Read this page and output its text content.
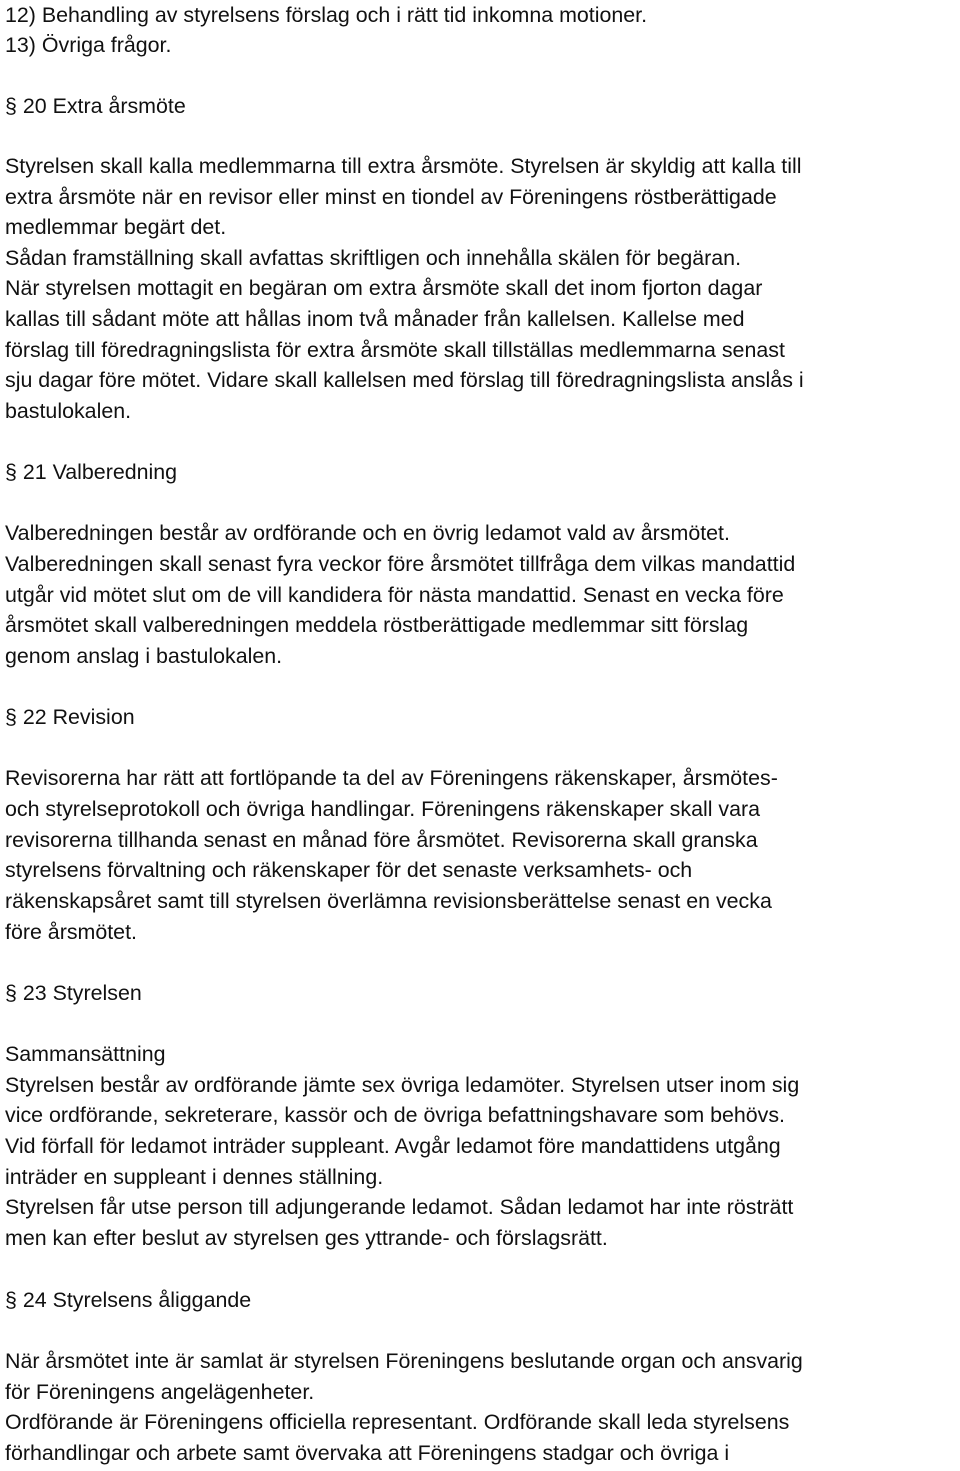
12) Behandling av styrelsens förslag och i rätt tid inkomna motioner.
13) Övriga frågor.
§ 20 Extra årsmöte
Styrelsen skall kalla medlemmarna till extra årsmöte. Styrelsen är skyldig att kalla till
extra årsmöte när en revisor eller minst en tiondel av Föreningens röstberättigade
medlemmar begärt det.
Sådan framställning skall avfattas skriftligen och innehålla skälen för begäran.
När styrelsen mottagit en begäran om extra årsmöte skall det inom fjorton dagar
kallas till sådant möte att hållas inom två månader från kallelsen. Kallelse med
förslag till föredragningslista för extra årsmöte skall tillställas medlemmarna senast
sju dagar före mötet. Vidare skall kallelsen med förslag till föredragningslista anslås i
bastulokalen.
§ 21 Valberedning
Valberedningen består av ordförande och en övrig ledamot vald av årsmötet.
Valberedningen skall senast fyra veckor före årsmötet tillfråga dem vilkas mandattid
utgår vid mötet slut om de vill kandidera för nästa mandattid. Senast en vecka före
årsmötet skall valberedningen meddela röstberättigade medlemmar sitt förslag
genom anslag i bastulokalen.
§ 22 Revision
Revisorerna har rätt att fortlöpande ta del av Föreningens räkenskaper, årsmötes-
och styrelseprotokoll och övriga handlingar. Föreningens räkenskaper skall vara
revisorerna tillhanda senast en månad före årsmötet. Revisorerna skall granska
styrelsens förvaltning och räkenskaper för det senaste verksamhets- och
räkenskapsåret samt till styrelsen överlämna revisionsberättelse senast en vecka
före årsmötet.
§ 23 Styrelsen
Sammansättning
Styrelsen består av ordförande jämte sex övriga ledamöter. Styrelsen utser inom sig
vice ordförande, sekreterare, kassör och de övriga befattningshavare som behövs.
Vid förfall för ledamot inträder suppleant. Avgår ledamot före mandattidens utgång
inträder en suppleant i dennes ställning.
Styrelsen får utse person till adjungerande ledamot. Sådan ledamot har inte rösträtt
men kan efter beslut av styrelsen ges yttrande- och förslagsrätt.
§ 24 Styrelsens åliggande
När årsmötet inte är samlat är styrelsen Föreningens beslutande organ och ansvarig
för Föreningens angelägenheter.
Ordförande är Föreningens officiella representant. Ordförande skall leda styrelsens
förhandlingar och arbete samt övervaka att Föreningens stadgar och övriga i
